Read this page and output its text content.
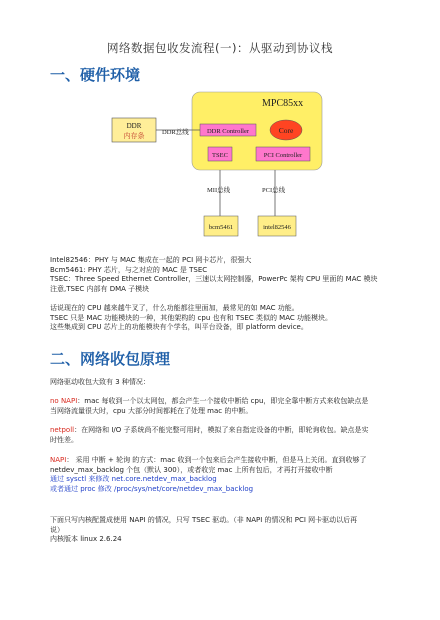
网络数据包收发流程(一)：从驱动到协议栈
一、硬件环境
MPC85xx
DDR
内存条	DDR总线	DDR Controller	Core
TSEC	PCI Controller
MII总线	PCI总线
bcm5461	intel82546
Intel82546：PHY 与 MAC 集成在一起的 PCI 网卡芯片，很强大
Bcm5461: PHY 芯片，与之对应的 MAC 是 TSEC
TSEC：Three Speed Ethernet Controller，三速以太网控制器，PowerPc 架构 CPU 里面的 MAC 模块
注意,TSEC 内部有 DMA 子模块
话说现在的 CPU 越来越牛叉了，什么功能都往里面加，最常见的如 MAC 功能。
TSEC 只是 MAC 功能模块的一种，其他架构的 cpu 也有和 TSEC 类似的 MAC 功能模块。
这些集成到 CPU 芯片上的功能模块有个学名，叫平台设备，即 platform device。
二、网络收包原理
网络驱动收包大致有 3 种情况：
no NAPI：mac 每收到一个以太网包，都会产生一个接收中断给 cpu，即完全靠中断方式来收包缺点是
当网络流量很大时，cpu 大部分时间都耗在了处理 mac 的中断。
netpoll：在网络和 I/O 子系统尚不能完整可用时，模拟了来自指定设备的中断，即轮询收包。缺点是实
时性差。
NAPI： 采用 中断 + 轮询 的方式：mac 收到一个包来后会产生接收中断，但是马上关闭。直到收够了
netdev_max_backlog 个包（默认 300），或者收完 mac 上所有包后，才再打开接收中断
通过 sysctl 来修改 net.core.netdev_max_backlog
或者通过 proc 修改 /proc/sys/net/core/netdev_max_backlog
下面只写内核配置成使用 NAPI 的情况，只写 TSEC 驱动。（非 NAPI 的情况和 PCI 网卡驱动以后再
说）
内核版本 linux 2.6.24
